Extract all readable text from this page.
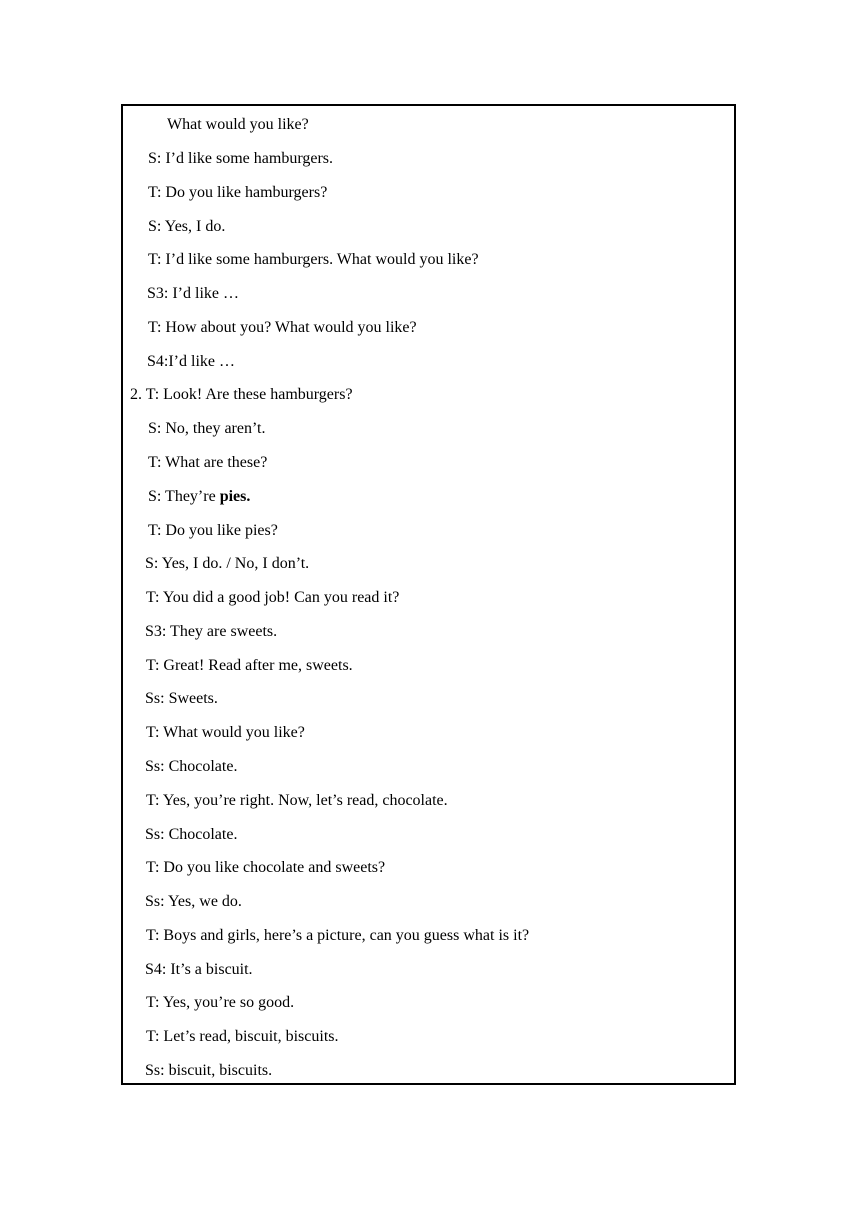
What would you like?
S: I’d like some hamburgers.
T: Do you like hamburgers?
S: Yes, I do.
T: I’d like some hamburgers. What would you like?
S3: I’d like …
T: How about you? What would you like?
S4:I’d like …
2. T: Look! Are these hamburgers?
S: No, they aren’t.
T: What are these?
S: They’re pies.
T: Do you like pies?
S: Yes, I do. / No, I don’t.
T: You did a good job! Can you read it?
S3: They are sweets.
T: Great! Read after me, sweets.
Ss: Sweets.
T: What would you like?
Ss: Chocolate.
T: Yes, you’re right. Now, let’s read, chocolate.
Ss: Chocolate.
T: Do you like chocolate and sweets?
Ss: Yes, we do.
T: Boys and girls, here’s a picture, can you guess what is it?
S4: It’s a biscuit.
T: Yes, you’re so good.
T: Let’s read, biscuit, biscuits.
Ss: biscuit, biscuits.
